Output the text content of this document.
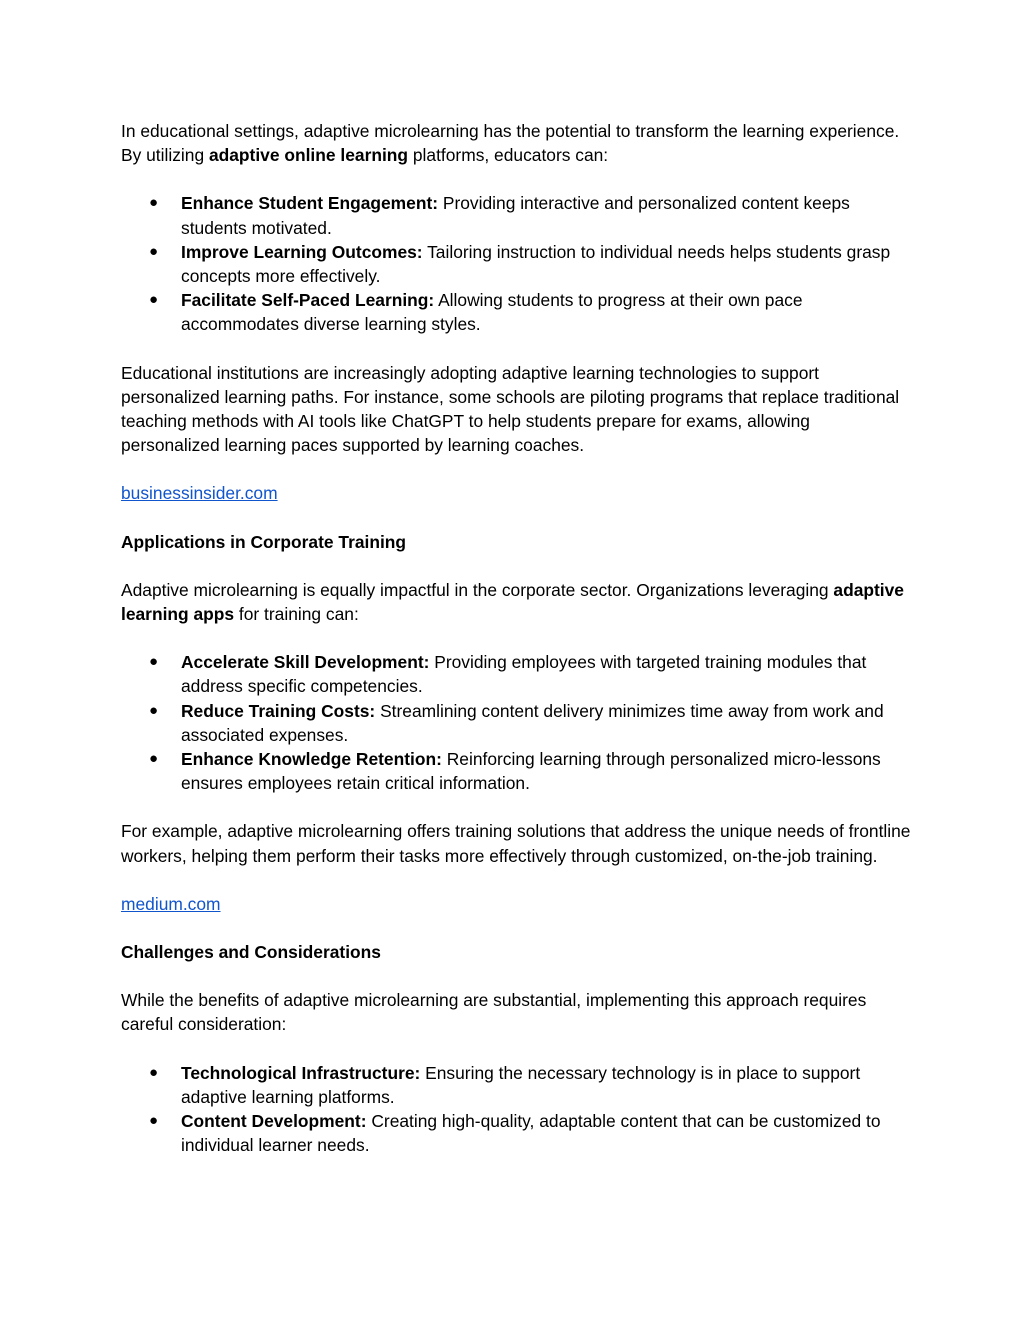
In educational settings, adaptive microlearning has the potential to transform the learning experience. By utilizing adaptive online learning platforms, educators can:

● Enhance Student Engagement: Providing interactive and personalized content keeps students motivated.
● Improve Learning Outcomes: Tailoring instruction to individual needs helps students grasp concepts more effectively.
● Facilitate Self-Paced Learning: Allowing students to progress at their own pace accommodates diverse learning styles.

Educational institutions are increasingly adopting adaptive learning technologies to support personalized learning paths. For instance, some schools are piloting programs that replace traditional teaching methods with AI tools like ChatGPT to help students prepare for exams, allowing personalized learning paces supported by learning coaches.

businessinsider.com

Applications in Corporate Training

Adaptive microlearning is equally impactful in the corporate sector. Organizations leveraging adaptive learning apps for training can:

● Accelerate Skill Development: Providing employees with targeted training modules that address specific competencies.
● Reduce Training Costs: Streamlining content delivery minimizes time away from work and associated expenses.
● Enhance Knowledge Retention: Reinforcing learning through personalized micro-lessons ensures employees retain critical information.

For example, adaptive microlearning offers training solutions that address the unique needs of frontline workers, helping them perform their tasks more effectively through customized, on-the-job training.

medium.com

Challenges and Considerations

While the benefits of adaptive microlearning are substantial, implementing this approach requires careful consideration:

● Technological Infrastructure: Ensuring the necessary technology is in place to support adaptive learning platforms.
● Content Development: Creating high-quality, adaptable content that can be customized to individual learner needs.
